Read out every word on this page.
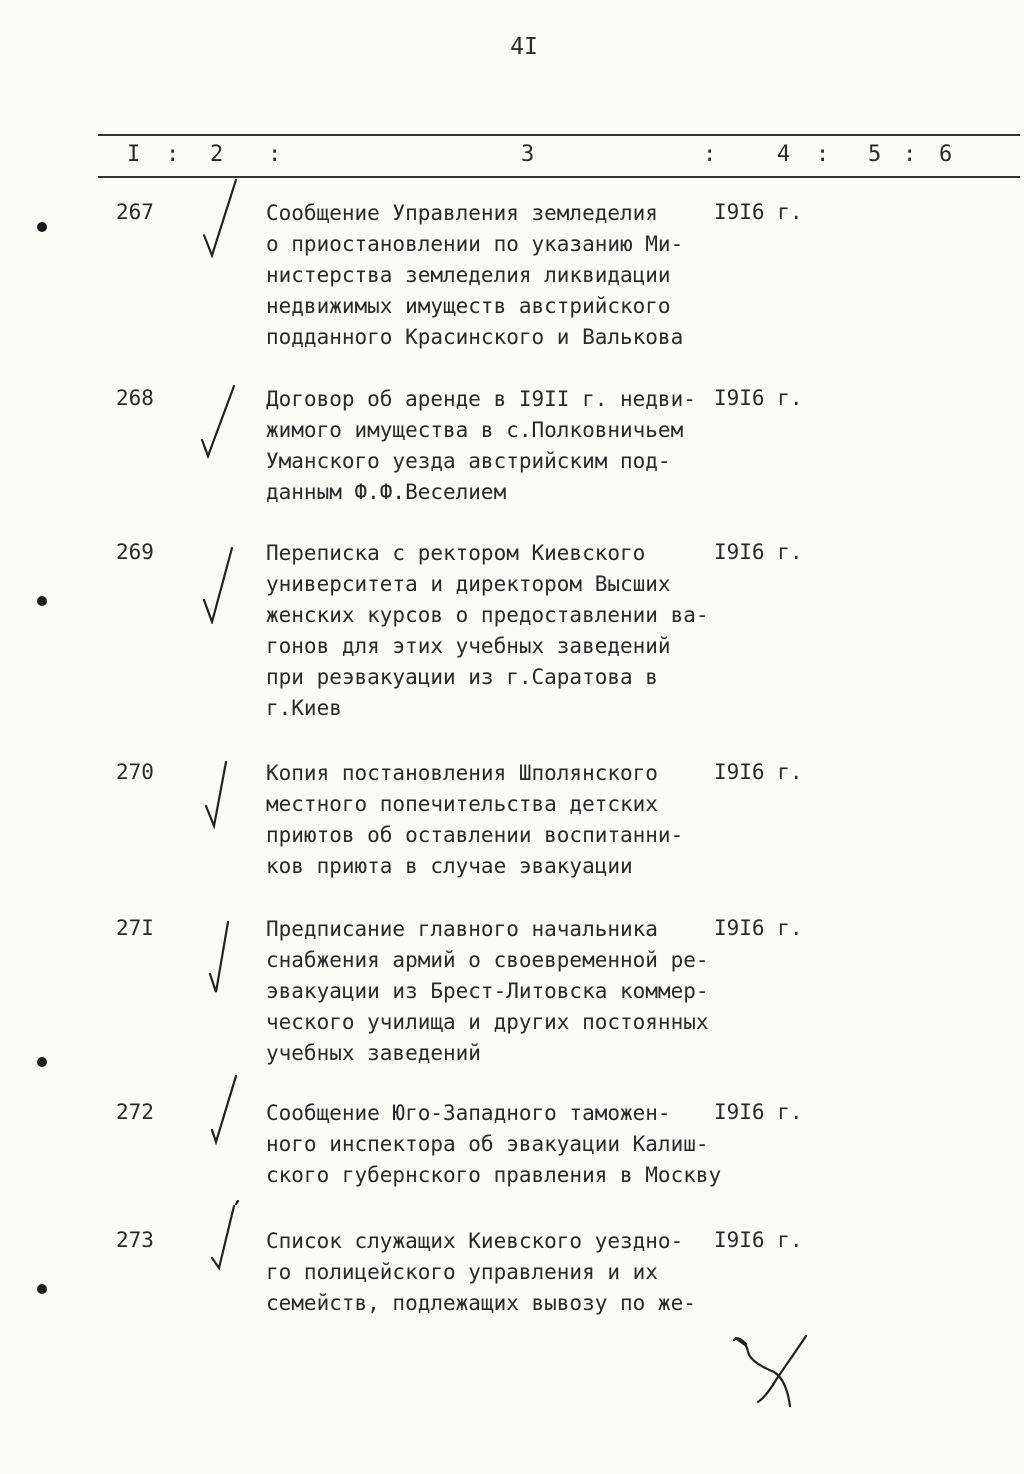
4I
I : 2 :	3	:	4 : 5 : 6
267	Сообщение Управления земледелия
о приостановлении по указанию Ми-
нистерства земледелия ликвидации
недвижимых имуществ австрийского
подданного Красинского и Валькова
I9I6 г.
268	Договор об аренде в I9II г. недви-
жимого имущества в с.Полковничьем
Уманского уезда австрийским под-
данным Ф.Ф.Веселием
I9I6 г.
269	Переписка с ректором Киевского
университета и директором Высших
женских курсов о предоставлении ва-
гонов для этих учебных заведений
при реэвакуации из г.Саратова в
г.Киев
I9I6 г.
270	Копия постановления Шполянского
местного попечительства детских
приютов об оставлении воспитанни-
ков приюта в случае эвакуации
I9I6 г.
27I	Предписание главного начальника
снабжения армий о своевременной ре-
эвакуации из Брест-Литовска коммер-
ческого училища и других постоянных
учебных заведений
I9I6 г.
272	Сообщение Юго-Западного таможен-
ного инспектора об эвакуации Калиш-
ского губернского правления в Москву
I9I6 г.
273	Список служащих Киевского уездно-
го полицейского управления и их
семейств, подлежащих вывозу по же-
I9I6 г.
